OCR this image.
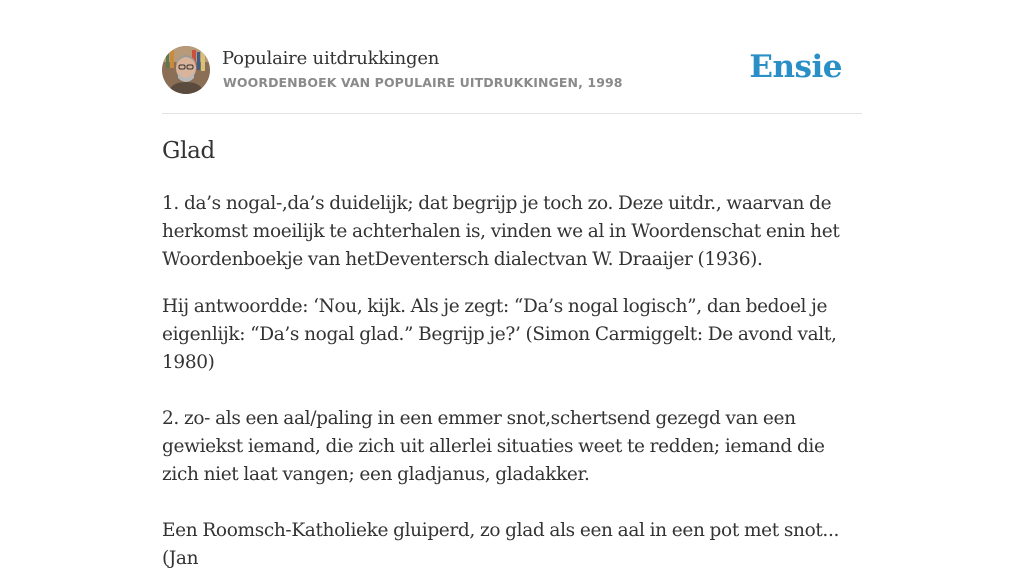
Populaire uitdrukkingen
WOORDENBOEK VAN POPULAIRE UITDRUKKINGEN, 1998	Ensie
Glad

1. da’s nogal-,da’s duidelijk; dat begrijp je toch zo. Deze uitdr., waarvan de herkomst moeilijk te achterhalen is, vinden we al in Woordenschat enin het Woordenboekje van hetDeventersch dialectvan W. Draaijer (1936).

Hij antwoordde: ‘Nou, kijk. Als je zegt: “Da’s nogal logisch”, dan bedoel je eigenlijk: “Da’s nogal glad.” Begrijp je?’ (Simon Carmiggelt: De avond valt, 1980)

2. zo- als een aal/paling in een emmer snot,schertsend gezegd van een gewiekst iemand, die zich uit allerlei situaties weet te redden; iemand die zich niet laat vangen; een gladjanus, gladakker.

Een Roomsch-Katholieke gluiperd, zo glad als een aal in een pot met snot... (Jan
